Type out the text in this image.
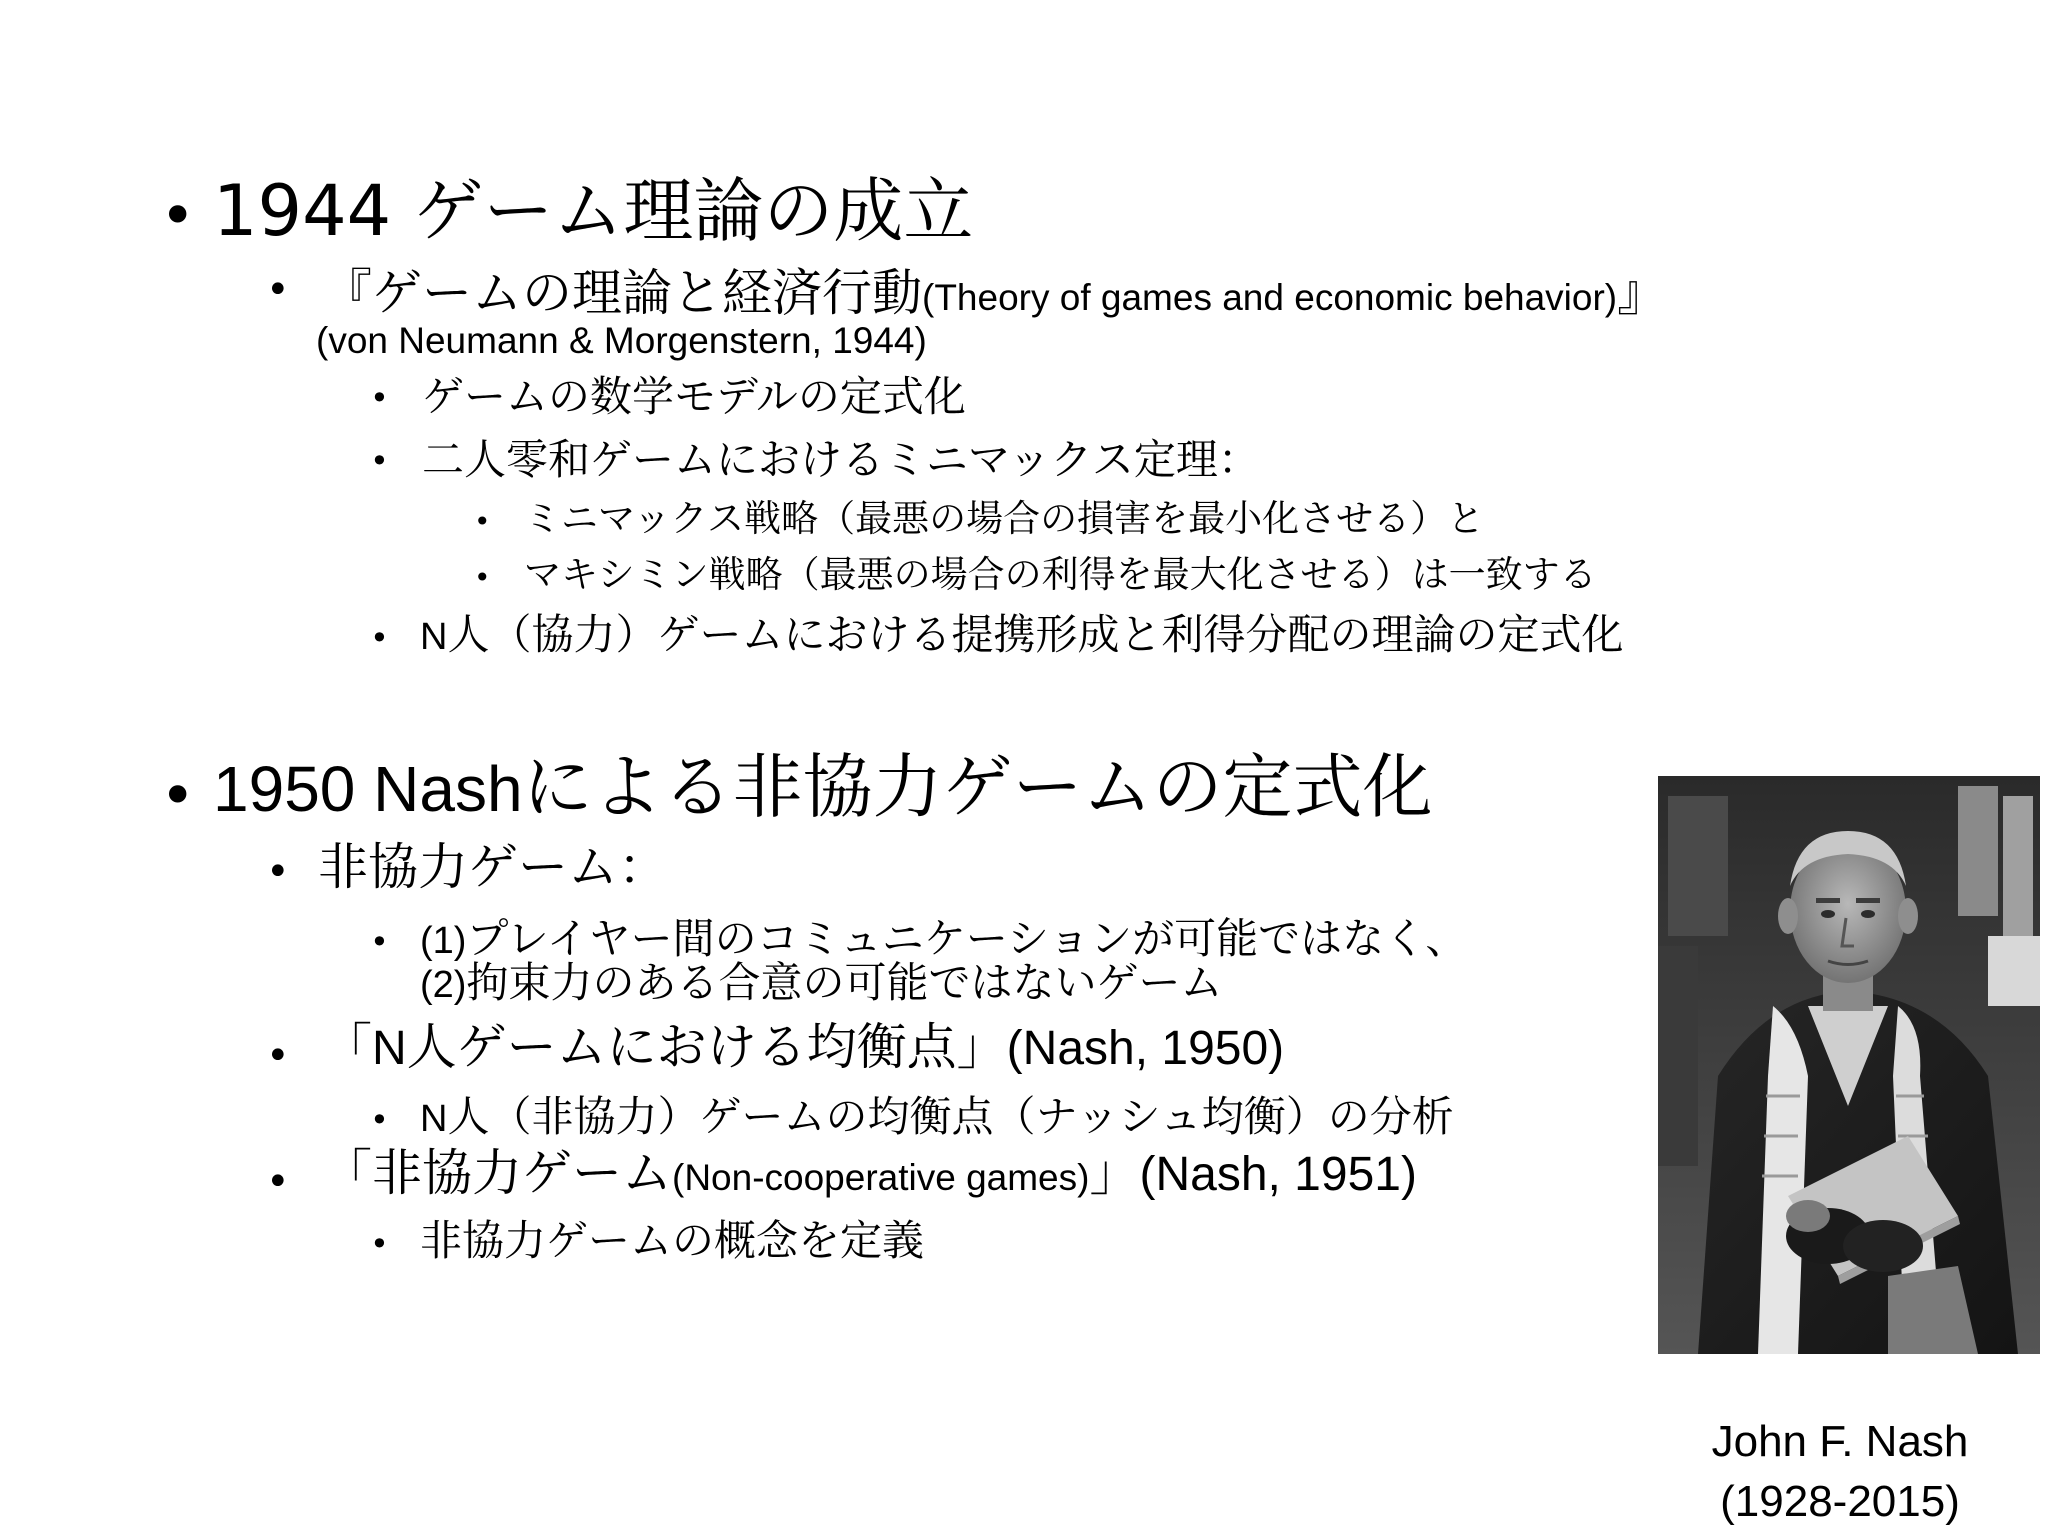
• 1944 ゲーム理論の成立
• 『ゲームの理論と経済行動(Theory of games and economic behavior)』
(von Neumann & Morgenstern, 1944)
• ゲームの数学モデルの定式化
• 二人零和ゲームにおけるミニマックス定理：
• ミニマックス戦略（最悪の場合の損害を最小化させる）と
• マキシミン戦略（最悪の場合の利得を最大化させる）は一致する
• N人（協力）ゲームにおける提携形成と利得分配の理論の定式化
• 1950 Nashによる非協力ゲームの定式化
• 非協力ゲーム：
• (1)プレイヤー間のコミュニケーションが可能ではなく、
(2)拘束力のある合意の可能ではないゲーム
• 「N人ゲームにおける均衡点」(Nash, 1950)
• N人（非協力）ゲームの均衡点（ナッシュ均衡）の分析
• 「非協力ゲーム(Non-cooperative games)」(Nash, 1951)
• 非協力ゲームの概念を定義
John F. Nash
(1928-2015)
